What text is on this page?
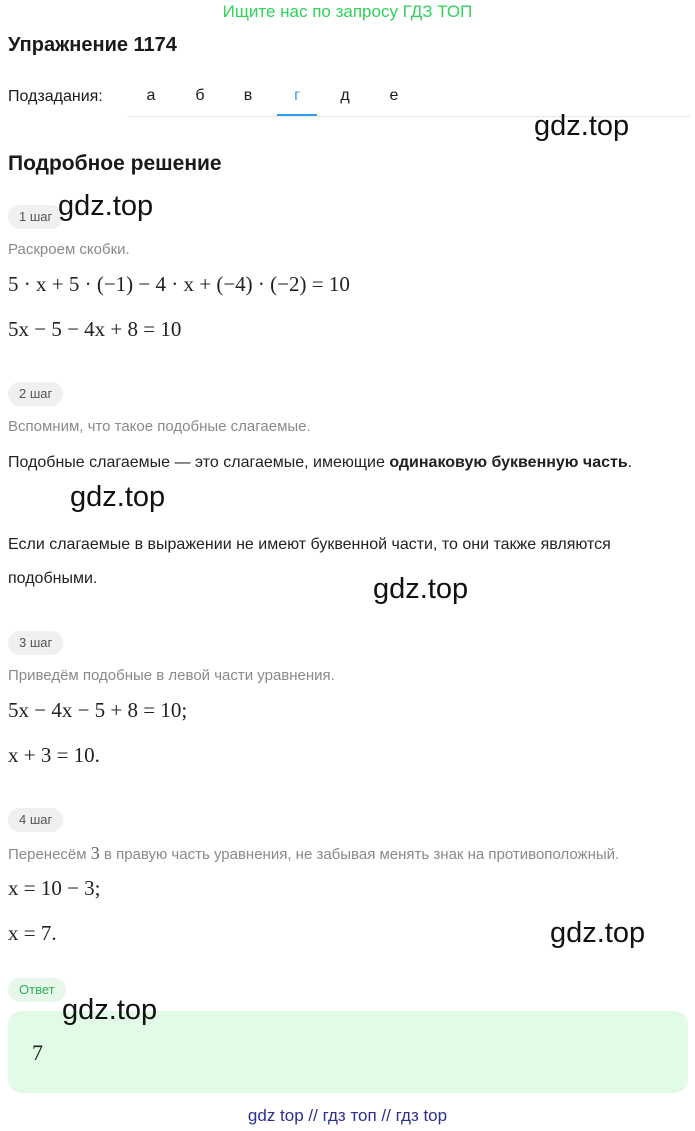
Ищите нас по запросу ГДЗ ТОП
Упражнение 1174
Подзадания:	а	б	в	г	д	е
gdz.top
Подробное решение
1 шаг gdz.top
Раскроем скобки.
5 · x + 5 · (−1) − 4 · x + (−4) · (−2) = 10
5x − 5 − 4x + 8 = 10
2 шаг
Вспомним, что такое подобные слагаемые.
Подобные слагаемые — это слагаемые, имеющие одинаковую буквенную часть.
gdz.top
Если слагаемые в выражении не имеют буквенной части, то они также являются подобными.	gdz.top
3 шаг
Приведём подобные в левой части уравнения.
5x − 4x − 5 + 8 = 10;
x + 3 = 10.
4 шаг
Перенесём 3 в правую часть уравнения, не забывая менять знак на противоположный.
x = 10 − 3;
x = 7.	gdz.top
Ответ
gdz.top
7
gdz top // гдз топ // гдз top
